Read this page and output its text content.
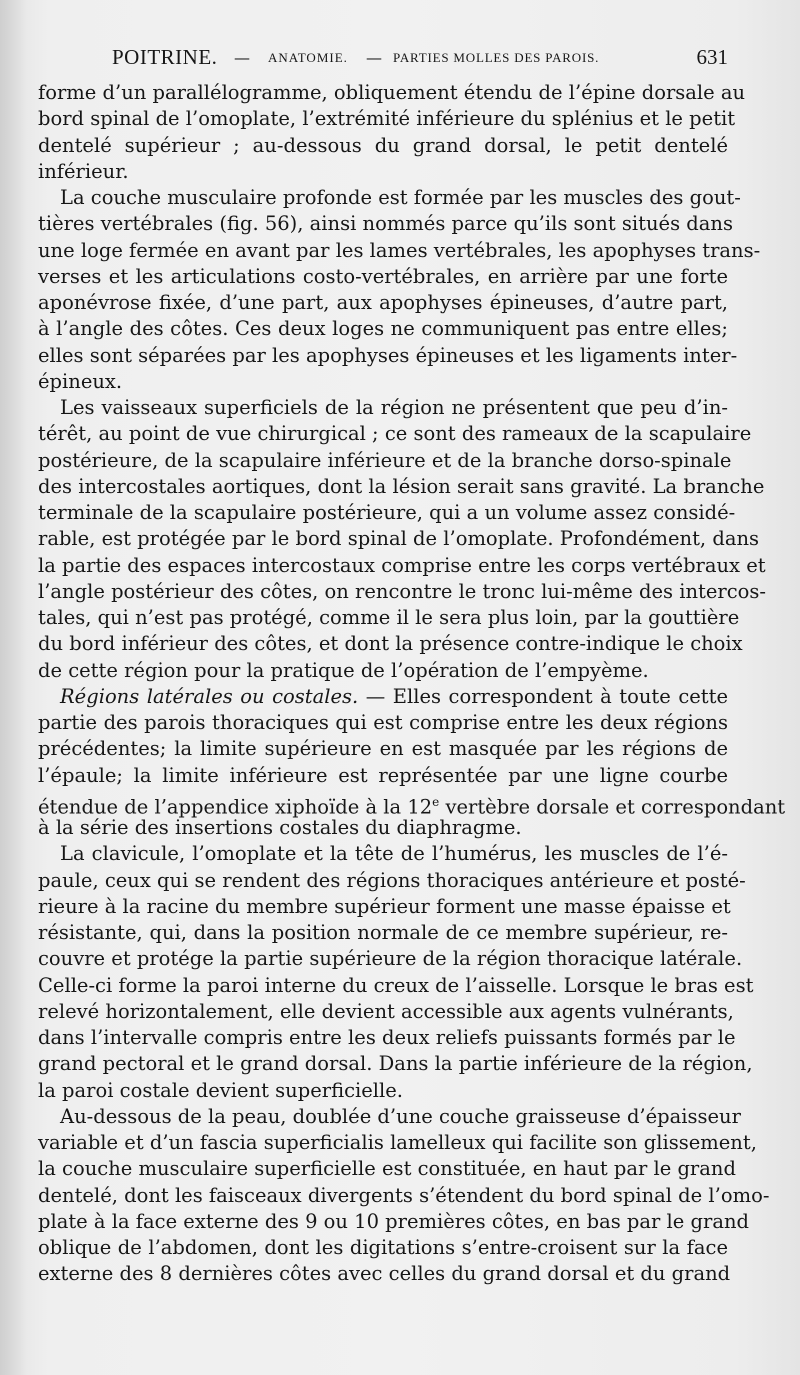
POITRINE. — ANATOMIE. — PARTIES MOLLES DES PAROIS.	631
forme d’un parallélogramme, obliquement étendu de l’épine dorsale au
bord spinal de l’omoplate, l’extrémité inférieure du splénius et le petit
dentelé supérieur ; au-dessous du grand dorsal, le petit dentelé
inférieur.
La couche musculaire profonde est formée par les muscles des gout-
tières vertébrales (fig. 56), ainsi nommés parce qu’ils sont situés dans
une loge fermée en avant par les lames vertébrales, les apophyses trans-
verses et les articulations costo-vertébrales, en arrière par une forte
aponévrose fixée, d’une part, aux apophyses épineuses, d’autre part,
à l’angle des côtes. Ces deux loges ne communiquent pas entre elles;
elles sont séparées par les apophyses épineuses et les ligaments inter-
épineux.
Les vaisseaux superficiels de la région ne présentent que peu d’in-
térêt, au point de vue chirurgical ; ce sont des rameaux de la scapulaire
postérieure, de la scapulaire inférieure et de la branche dorso-spinale
des intercostales aortiques, dont la lésion serait sans gravité. La branche
terminale de la scapulaire postérieure, qui a un volume assez considé-
rable, est protégée par le bord spinal de l’omoplate. Profondément, dans
la partie des espaces intercostaux comprise entre les corps vertébraux et
l’angle postérieur des côtes, on rencontre le tronc lui-même des intercos-
tales, qui n’est pas protégé, comme il le sera plus loin, par la gouttière
du bord inférieur des côtes, et dont la présence contre-indique le choix
de cette région pour la pratique de l’opération de l’empyème.
Régions latérales ou costales. — Elles correspondent à toute cette
partie des parois thoraciques qui est comprise entre les deux régions
précédentes; la limite supérieure en est masquée par les régions de
l’épaule; la limite inférieure est représentée par une ligne courbe
étendue de l’appendice xiphoïde à la 12e vertèbre dorsale et correspondant
à la série des insertions costales du diaphragme.
La clavicule, l’omoplate et la tête de l’humérus, les muscles de l’é-
paule, ceux qui se rendent des régions thoraciques antérieure et posté-
rieure à la racine du membre supérieur forment une masse épaisse et
résistante, qui, dans la position normale de ce membre supérieur, re-
couvre et protége la partie supérieure de la région thoracique latérale.
Celle-ci forme la paroi interne du creux de l’aisselle. Lorsque le bras est
relevé horizontalement, elle devient accessible aux agents vulnérants,
dans l’intervalle compris entre les deux reliefs puissants formés par le
grand pectoral et le grand dorsal. Dans la partie inférieure de la région,
la paroi costale devient superficielle.
Au-dessous de la peau, doublée d’une couche graisseuse d’épaisseur
variable et d’un fascia superficialis lamelleux qui facilite son glissement,
la couche musculaire superficielle est constituée, en haut par le grand
dentelé, dont les faisceaux divergents s’étendent du bord spinal de l’omo-
plate à la face externe des 9 ou 10 premières côtes, en bas par le grand
oblique de l’abdomen, dont les digitations s’entre-croisent sur la face
externe des 8 dernières côtes avec celles du grand dorsal et du grand
